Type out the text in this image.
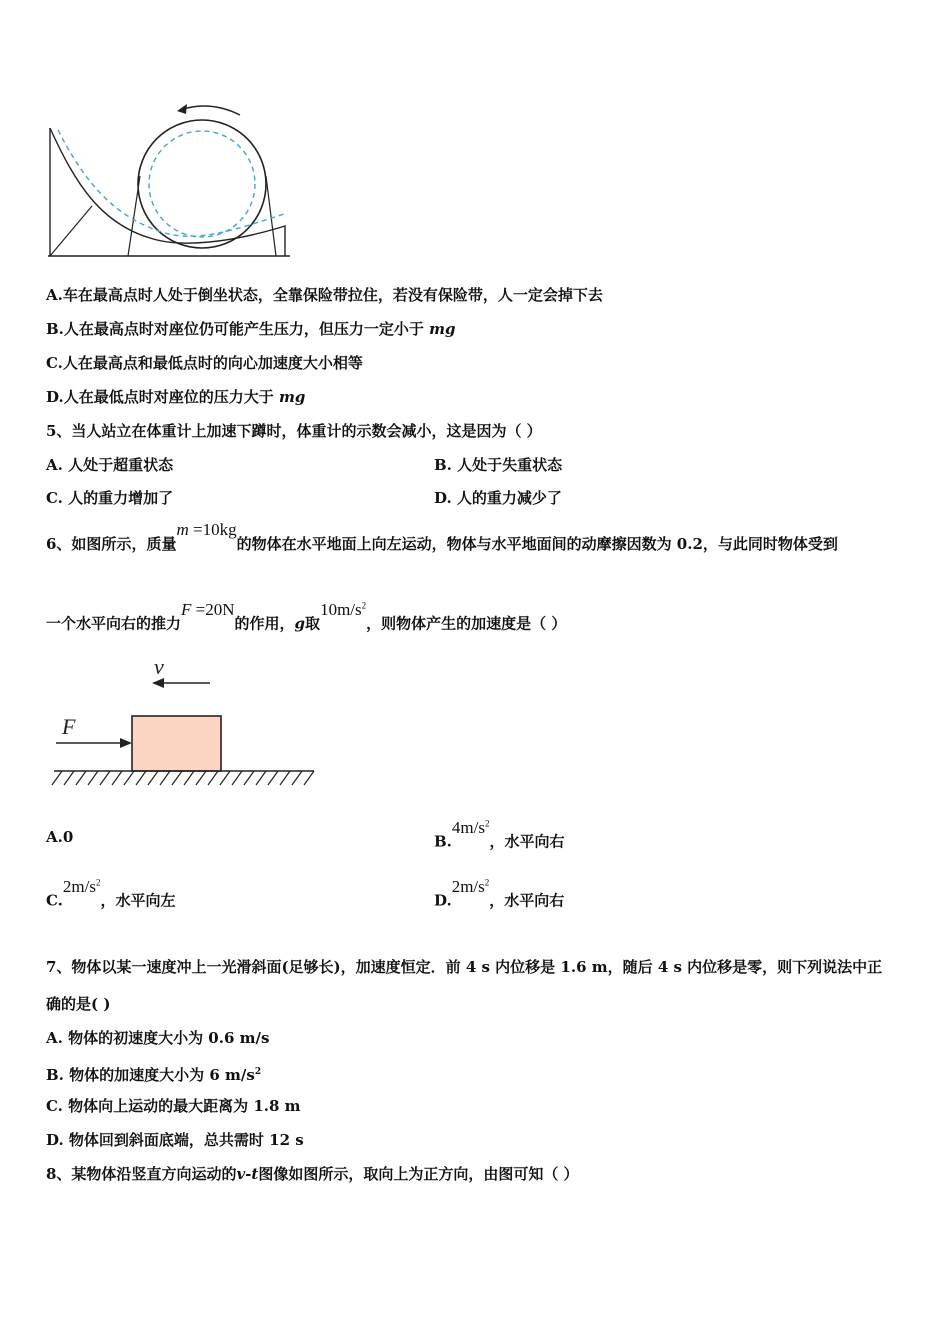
A.车在最高点时人处于倒坐状态，全靠保险带拉住，若没有保险带，人一定会掉下去
B.人在最高点时对座位仍可能产生压力，但压力一定小于 mg
C.人在最高点和最低点时的向心加速度大小相等
D.人在最低点时对座位的压力大于 mg
5、当人站立在体重计上加速下蹲时，体重计的示数会减小，这是因为（ ）
A. 人处于超重状态	B. 人处于失重状态
C. 人的重力增加了	D. 人的重力减少了
6、如图所示，质量m =10kg的物体在水平地面上向左运动，物体与水平地面间的动摩擦因数为 0.2，与此同时物体受到
一个水平向右的推力F =20N的作用，g取$10m/s^2$，则物体产生的加速度是（ ）
v
F
A.0	$B.4m/s^2$，水平向右
$C.2m/s^2$，水平向左	$D.2m/s^2$，水平向右
7、物体以某一速度冲上一光滑斜面(足够长)，加速度恒定．前 4 s 内位移是 1.6 m，随后 4 s 内位移是零，则下列说法中正
确的是( )
A. 物体的初速度大小为 0.6 m/s
B. 物体的加速度大小为 6 $m/s^2$
C. 物体向上运动的最大距离为 1.8 m
D. 物体回到斜面底端，总共需时 12 s
8、某物体沿竖直方向运动的v-t图像如图所示，取向上为正方向，由图可知（ ）
